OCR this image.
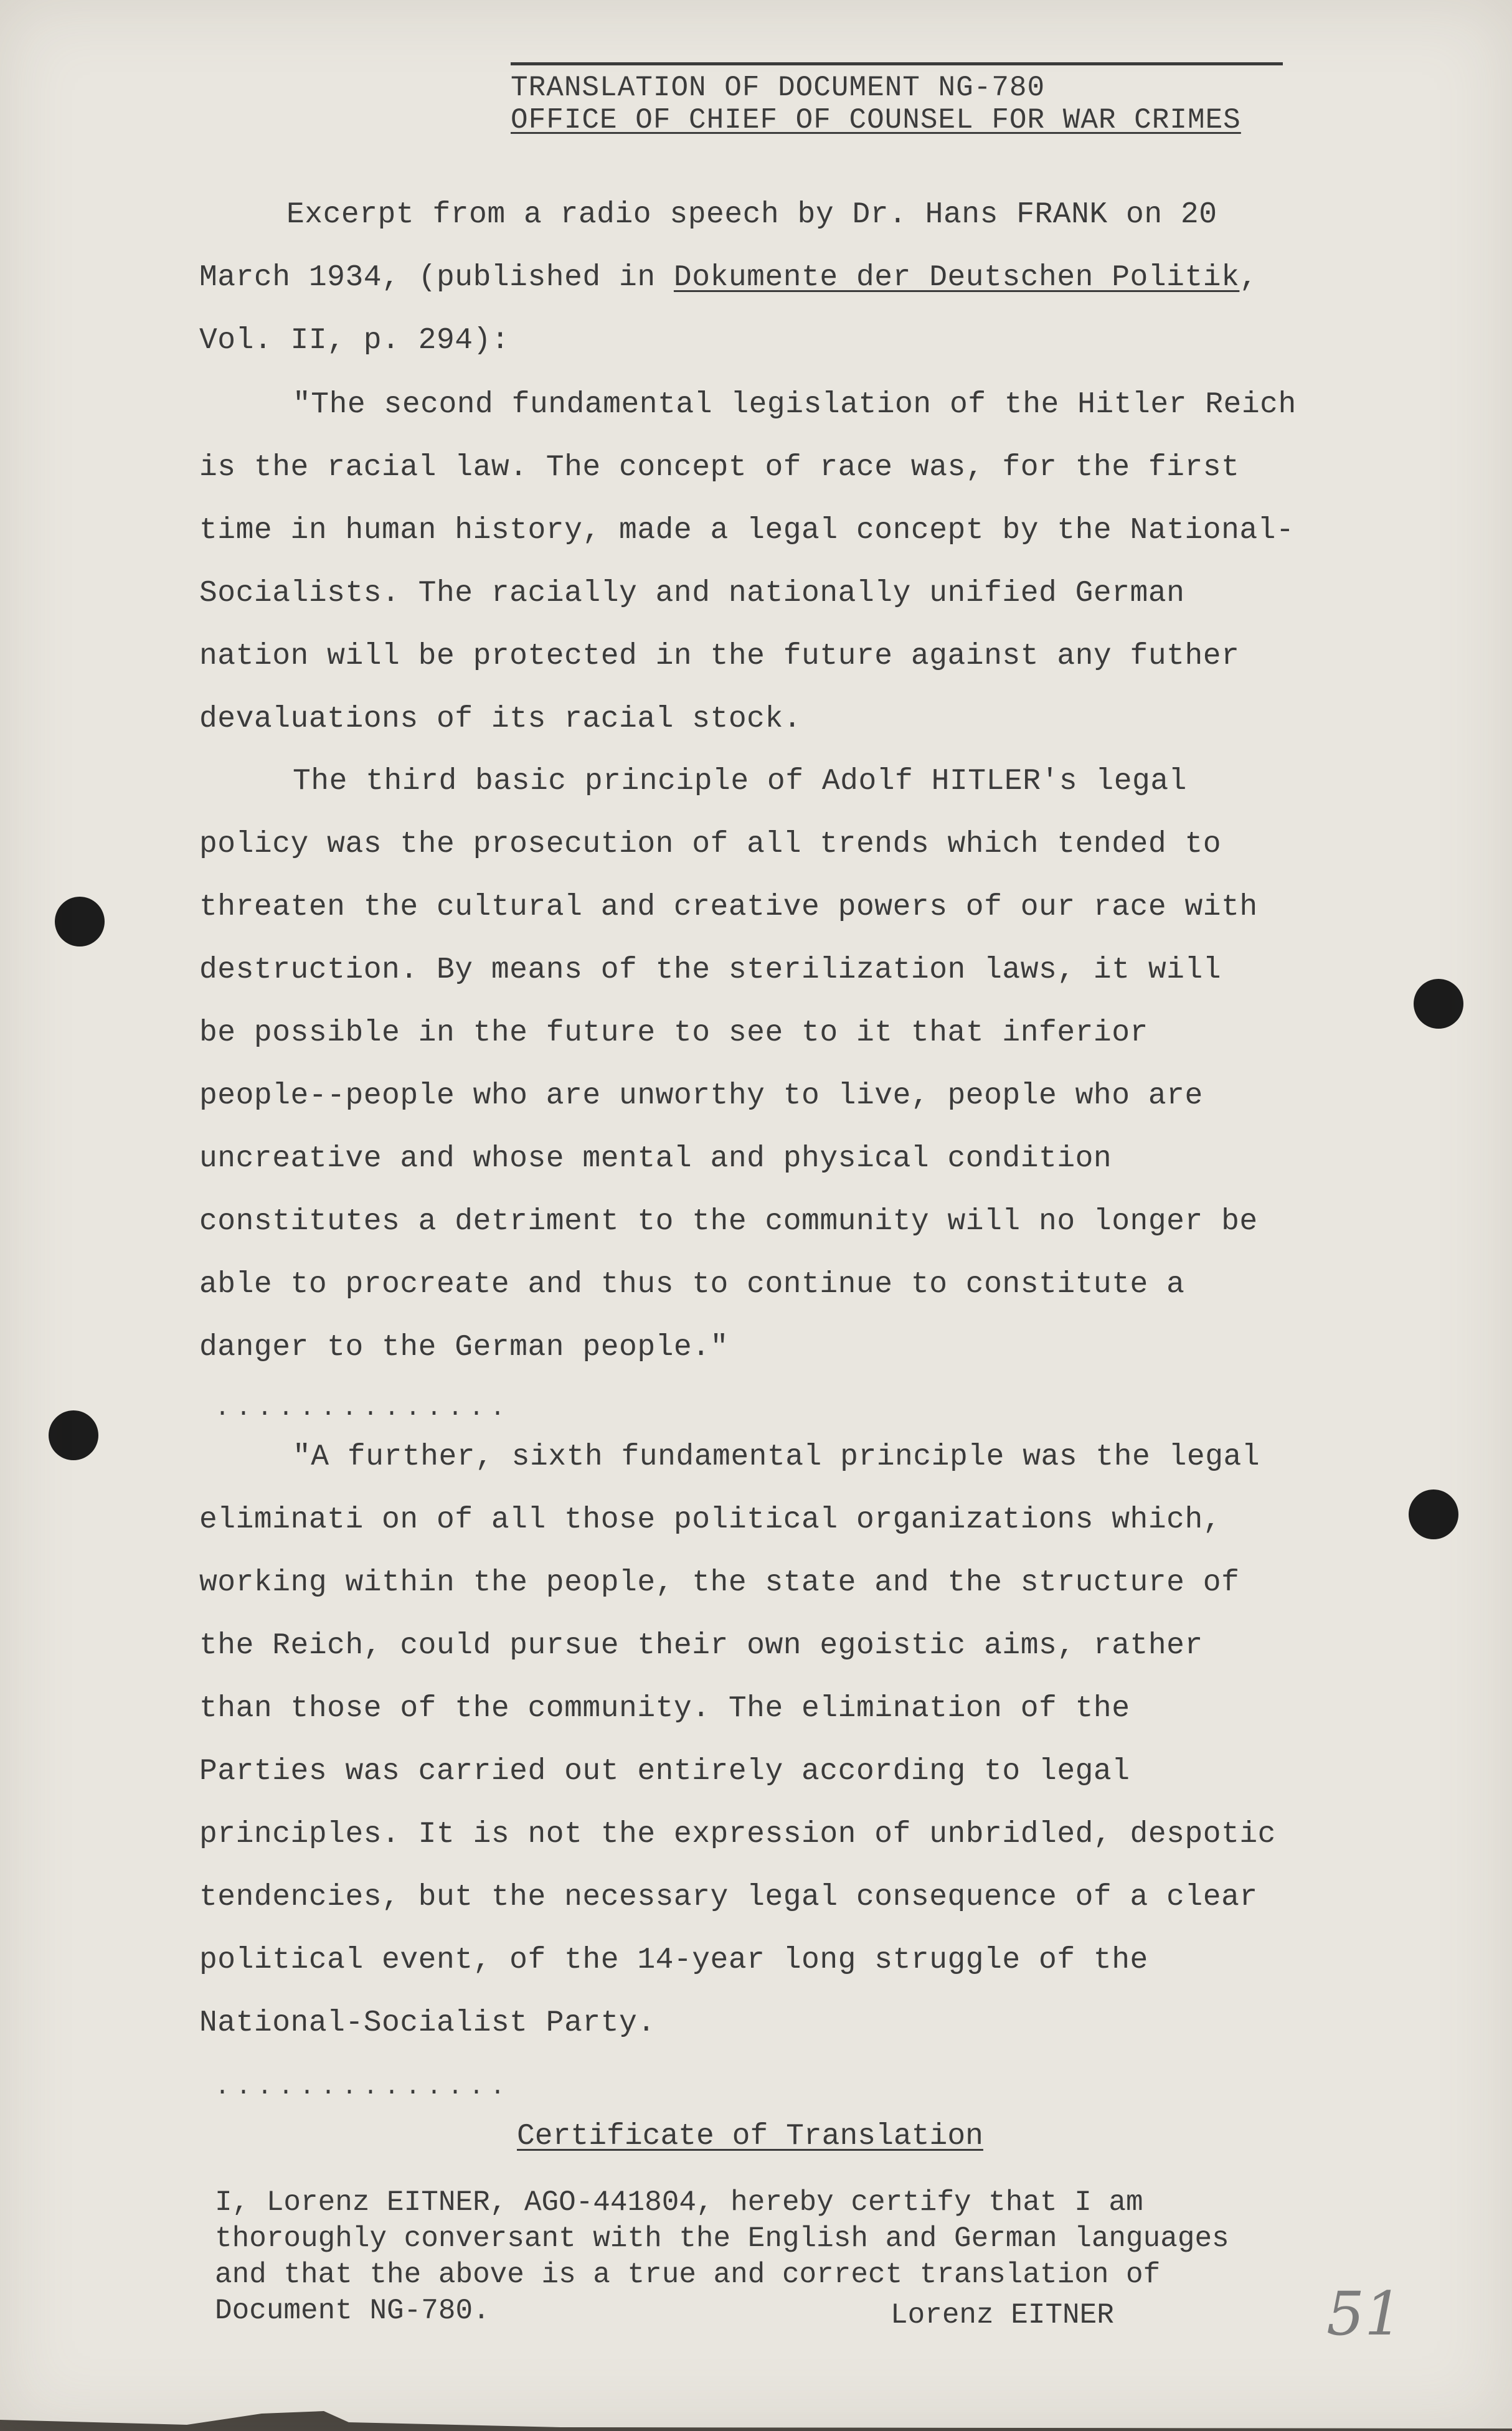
TRANSLATION OF DOCUMENT NG-780
OFFICE OF CHIEF OF COUNSEL FOR WAR CRIMES
Excerpt from a radio speech by Dr. Hans FRANK on 20
March 1934, (published in Dokumente der Deutschen Politik,
Vol. II, p. 294):
"The second fundamental legislation of the Hitler Reich
is the racial law. The concept of race was, for the first
time in human history, made a legal concept by the National-
Socialists. The racially and nationally unified German
nation will be protected in the future against any futher
devaluations of its racial stock.
The third basic principle of Adolf HITLER's legal
policy was the prosecution of all trends which tended to
threaten the cultural and creative powers of our race with
destruction. By means of the sterilization laws, it will
be possible in the future to see to it that inferior
people--people who are unworthy to live, people who are
uncreative and whose mental and physical condition
constitutes a detriment to the community will no longer be
able to procreate and thus to continue to constitute a
danger to the German people."
..............
"A further, sixth fundamental principle was the legal
eliminati on of all those political organizations which,
working within the people, the state and the structure of
the Reich, could pursue their own egoistic aims, rather
than those of the community. The elimination of the
Parties was carried out entirely according to legal
principles. It is not the expression of unbridled, despotic
tendencies, but the necessary legal consequence of a clear
political event, of the 14-year long struggle of the
National-Socialist Party.
..............
Certificate of Translation
I, Lorenz EITNER, AGO-441804, hereby certify that I am
thoroughly conversant with the English and German languages
and that the above is a true and correct translation of
Document NG-780.	Lorenz EITNER	51
